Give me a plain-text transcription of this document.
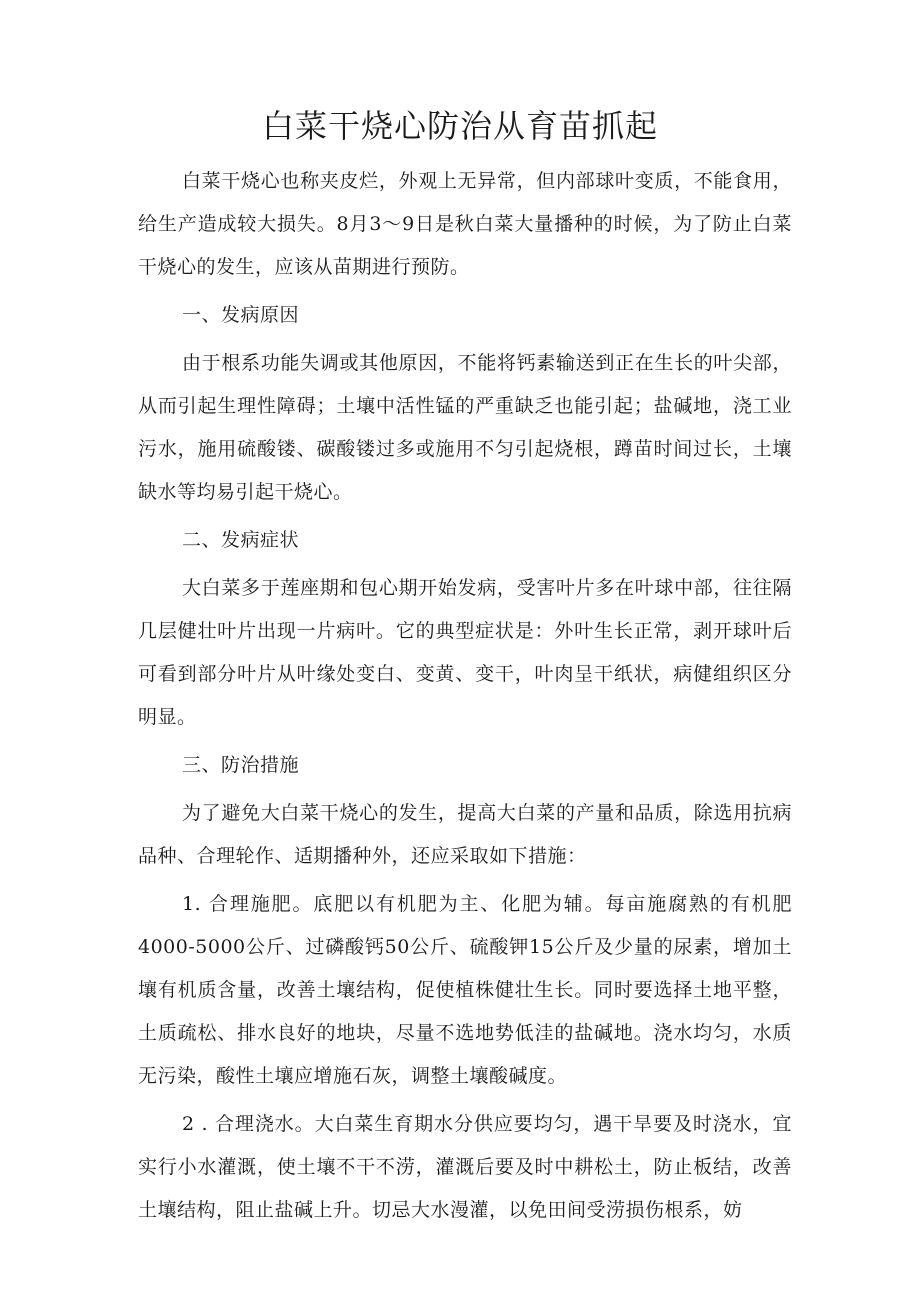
白菜干烧心防治从育苗抓起

白菜干烧心也称夹皮烂，外观上无异常，但内部球叶变质，不能食用，给生产造成较大损失。8月3～9日是秋白菜大量播种的时候，为了防止白菜干烧心的发生，应该从苗期进行预防。

一、发病原因

由于根系功能失调或其他原因，不能将钙素输送到正在生长的叶尖部，从而引起生理性障碍；土壤中活性锰的严重缺乏也能引起；盐碱地，浇工业污水，施用硫酸镂、碳酸镂过多或施用不匀引起烧根，蹲苗时间过长，土壤缺水等均易引起干烧心。

二、发病症状

大白菜多于莲座期和包心期开始发病，受害叶片多在叶球中部，往往隔几层健壮叶片出现一片病叶。它的典型症状是：外叶生长正常，剥开球叶后可看到部分叶片从叶缘处变白、变黄、变干，叶肉呈干纸状，病健组织区分明显。

三、防治措施

为了避免大白菜干烧心的发生，提高大白菜的产量和品质，除选用抗病品种、合理轮作、适期播种外，还应采取如下措施：

1. 合理施肥。底肥以有机肥为主、化肥为辅。每亩施腐熟的有机肥4000-5000公斤、过磷酸钙50公斤、硫酸钾15公斤及少量的尿素，增加土壤有机质含量，改善土壤结构，促使植株健壮生长。同时要选择土地平整，土质疏松、排水良好的地块，尽量不选地势低洼的盐碱地。浇水均匀，水质无污染，酸性土壤应增施石灰，调整土壤酸碱度。

2 . 合理浇水。大白菜生育期水分供应要均匀，遇干旱要及时浇水，宜实行小水灌溉，使土壤不干不涝，灌溉后要及时中耕松土，防止板结，改善土壤结构，阻止盐碱上升。切忌大水漫灌，以免田间受涝损伤根系，妨
